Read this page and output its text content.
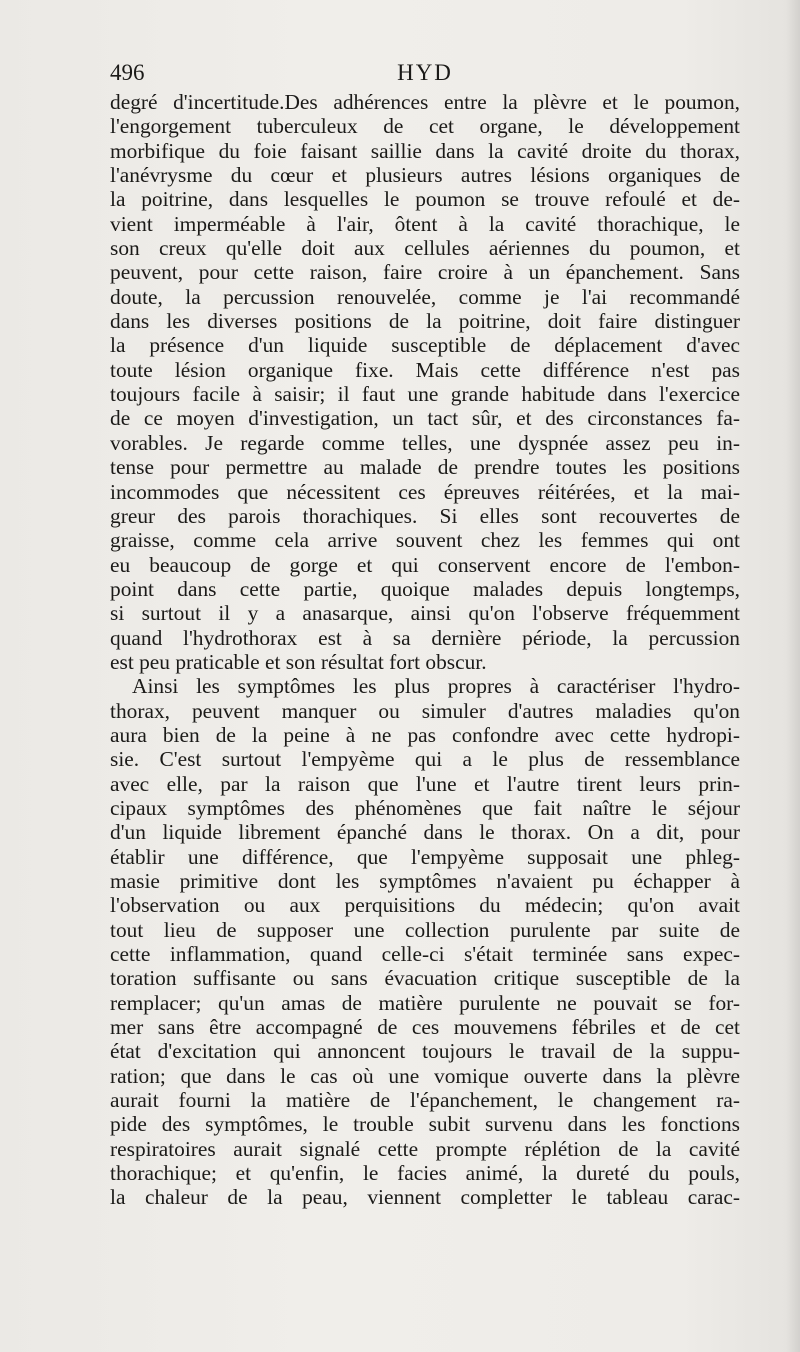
496	HYD
degré d'incertitude.Des adhérences entre la plèvre et le poumon,
l'engorgement tuberculeux de cet organe, le développement
morbifique du foie faisant saillie dans la cavité droite du thorax,
l'anévrysme du cœur et plusieurs autres lésions organiques de
la poitrine, dans lesquelles le poumon se trouve refoulé et de-
vient imperméable à l'air, ôtent à la cavité thorachique, le
son creux qu'elle doit aux cellules aériennes du poumon, et
peuvent, pour cette raison, faire croire à un épanchement. Sans
doute, la percussion renouvelée, comme je l'ai recommandé
dans les diverses positions de la poitrine, doit faire distinguer
la présence d'un liquide susceptible de déplacement d'avec
toute lésion organique fixe. Mais cette différence n'est pas
toujours facile à saisir; il faut une grande habitude dans l'exercice
de ce moyen d'investigation, un tact sûr, et des circonstances fa-
vorables. Je regarde comme telles, une dyspnée assez peu in-
tense pour permettre au malade de prendre toutes les positions
incommodes que nécessitent ces épreuves réitérées, et la mai-
greur des parois thorachiques. Si elles sont recouvertes de
graisse, comme cela arrive souvent chez les femmes qui ont
eu beaucoup de gorge et qui conservent encore de l'embon-
point dans cette partie, quoique malades depuis longtemps,
si surtout il y a anasarque, ainsi qu'on l'observe fréquemment
quand l'hydrothorax est à sa dernière période, la percussion
est peu praticable et son résultat fort obscur.
Ainsi les symptômes les plus propres à caractériser l'hydro-
thorax, peuvent manquer ou simuler d'autres maladies qu'on
aura bien de la peine à ne pas confondre avec cette hydropi-
sie. C'est surtout l'empyème qui a le plus de ressemblance
avec elle, par la raison que l'une et l'autre tirent leurs prin-
cipaux symptômes des phénomènes que fait naître le séjour
d'un liquide librement épanché dans le thorax. On a dit, pour
établir une différence, que l'empyème supposait une phleg-
masie primitive dont les symptômes n'avaient pu échapper à
l'observation ou aux perquisitions du médecin; qu'on avait
tout lieu de supposer une collection purulente par suite de
cette inflammation, quand celle-ci s'était terminée sans expec-
toration suffisante ou sans évacuation critique susceptible de la
remplacer; qu'un amas de matière purulente ne pouvait se for-
mer sans être accompagné de ces mouvemens fébriles et de cet
état d'excitation qui annoncent toujours le travail de la suppu-
ration; que dans le cas où une vomique ouverte dans la plèvre
aurait fourni la matière de l'épanchement, le changement ra-
pide des symptômes, le trouble subit survenu dans les fonctions
respiratoires aurait signalé cette prompte réplétion de la cavité
thorachique; et qu'enfin, le facies animé, la dureté du pouls,
la chaleur de la peau, viennent completter le tableau carac-
